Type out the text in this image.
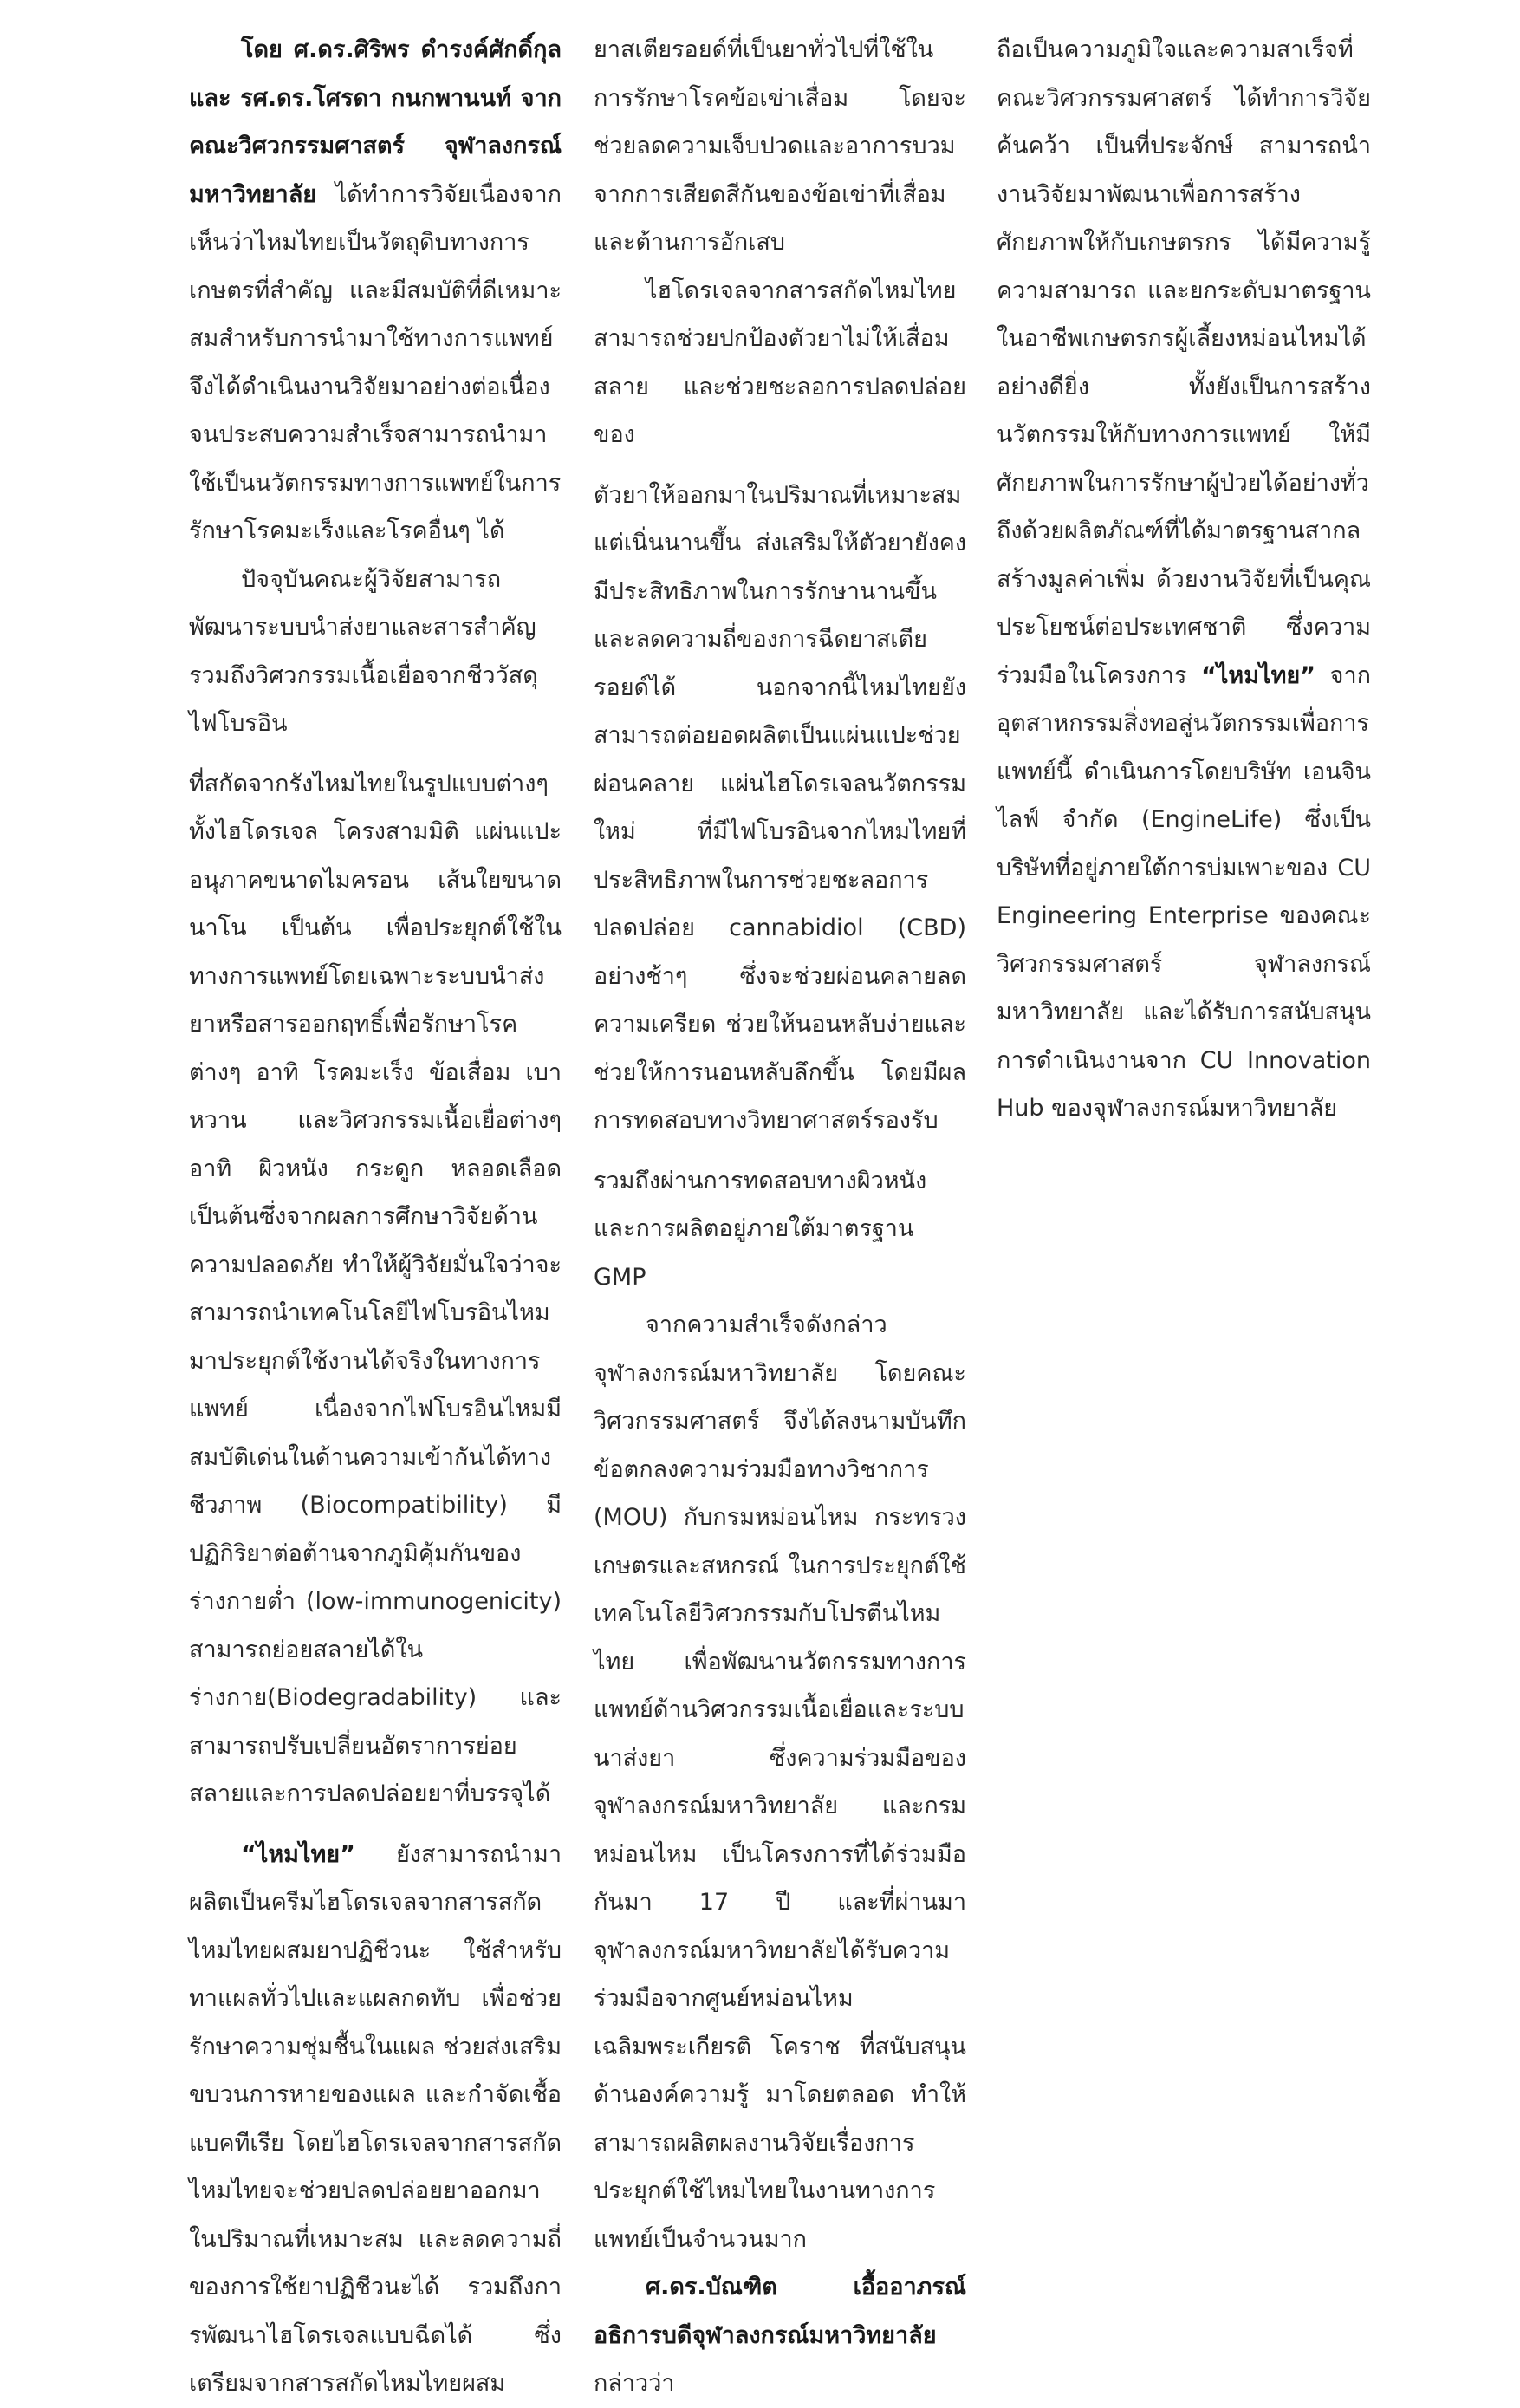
โดย ศ.ดร.ศิริพร ดำรงค์ศักดิ์กุล และ รศ.ดร.โศรดา กนกพานนท์ จาก คณะวิศวกรรมศาสตร์ จุฬาลงกรณ์มหาวิทยาลัย ได้ทำการวิจัยเนื่องจากเห็นว่าไหมไทยเป็นวัตถุดิบทางการเกษตรที่สำคัญ และมีสมบัติที่ดีเหมาะสมสำหรับการนำมาใช้ทางการแพทย์ จึงได้ดำเนินงานวิจัยมาอย่างต่อเนื่องจนประสบความสำเร็จสามารถนำมาใช้เป็นนวัตกรรมทางการแพทย์ในการรักษาโรคมะเร็งและโรคอื่นๆ ได้

ปัจจุบันคณะผู้วิจัยสามารถพัฒนาระบบนำส่งยาและสารสำคัญ รวมถึงวิศวกรรมเนื้อเยื่อจากชีววัสดุไฟโบรอิน

ที่สกัดจากรังไหมไทยในรูปแบบต่างๆ ทั้งไฮโดรเจล โครงสามมิติ แผ่นแปะ อนุภาคขนาดไมครอน เส้นใยขนาดนาโน เป็นต้น เพื่อประยุกต์ใช้ในทางการแพทย์โดยเฉพาะระบบนำส่งยาหรือสารออกฤทธิ์เพื่อรักษาโรคต่างๆ อาทิ โรคมะเร็ง ข้อเสื่อม เบาหวาน และวิศวกรรมเนื้อเยื่อต่างๆ อาทิ ผิวหนัง กระดูก หลอดเลือด เป็นต้นซึ่งจากผลการศึกษาวิจัยด้านความปลอดภัย ทำให้ผู้วิจัยมั่นใจว่าจะสามารถนำเทคโนโลยีไฟโบรอินไหมมาประยุกต์ใช้งานได้จริงในทางการแพทย์ เนื่องจากไฟโบรอินไหมมีสมบัติเด่นในด้านความเข้ากันได้ทางชีวภาพ (Biocompatibility) มีปฏิกิริยาต่อต้านจากภูมิคุ้มกันของร่างกายต่ำ (low-immunogenicity) สามารถย่อยสลายได้ในร่างกาย(Biodegradability) และสามารถปรับเปลี่ยนอัตราการย่อยสลายและการปลดปล่อยยาที่บรรจุได้

“ไหมไทย” ยังสามารถนำมาผลิตเป็นครีมไฮโดรเจลจากสารสกัดไหมไทยผสมยาปฏิชีวนะ ใช้สำหรับทาแผลทั่วไปและแผลกดทับ เพื่อช่วยรักษาความชุ่มชื้นในแผล ช่วยส่งเสริมขบวนการหายของแผล และกำจัดเชื้อแบคทีเรีย โดยไฮโดรเจลจากสารสกัดไหมไทยจะช่วยปลดปล่อยยาออกมาในปริมาณที่เหมาะสม และลดความถี่ของการใช้ยาปฏิชีวนะได้ รวมถึงการพัฒนาไฮโดรเจลแบบฉีดได้ ซึ่งเตรียมจากสารสกัดไหมไทยผสม

ยาสเตียรอยด์ที่เป็นยาทั่วไปที่ใช้ในการรักษาโรคข้อเข่าเสื่อม โดยจะช่วยลดความเจ็บปวดและอาการบวมจากการเสียดสีกันของข้อเข่าที่เสื่อมและต้านการอักเสบ

ไฮโดรเจลจากสารสกัดไหมไทยสามารถช่วยปกป้องตัวยาไม่ให้เสื่อมสลาย และช่วยชะลอการปลดปล่อยของ

ตัวยาให้ออกมาในปริมาณที่เหมาะสมแต่เนิ่นนานขึ้น ส่งเสริมให้ตัวยายังคงมีประสิทธิภาพในการรักษานานขึ้น และลดความถี่ของการฉีดยาสเตียรอยด์ได้ นอกจากนี้ไหมไทยยังสามารถต่อยอดผลิตเป็นแผ่นแปะช่วยผ่อนคลาย แผ่นไฮโดรเจลนวัตกรรมใหม่ ที่มีไฟโบรอินจากไหมไทยที่ประสิทธิภาพในการช่วยชะลอการปลดปล่อย cannabidiol (CBD) อย่างช้าๆ ซึ่งจะช่วยผ่อนคลายลดความเครียด ช่วยให้นอนหลับง่ายและช่วยให้การนอนหลับลึกขึ้น โดยมีผลการทดสอบทางวิทยาศาสตร์รองรับ

รวมถึงผ่านการทดสอบทางผิวหนัง และการผลิตอยู่ภายใต้มาตรฐาน GMP

จากความสำเร็จดังกล่าว จุฬาลงกรณ์มหาวิทยาลัย โดยคณะวิศวกรรมศาสตร์ จึงได้ลงนามบันทึกข้อตกลงความร่วมมือทางวิชาการ (MOU) กับกรมหม่อนไหม กระทรวงเกษตรและสหกรณ์ ในการประยุกต์ใช้เทคโนโลยีวิศวกรรมกับโปรตีนไหมไทย เพื่อพัฒนานวัตกรรมทางการแพทย์ด้านวิศวกรรมเนื้อเยื่อและระบบนาส่งยา ซึ่งความร่วมมือของจุฬาลงกรณ์มหาวิทยาลัย และกรมหม่อนไหม เป็นโครงการที่ได้ร่วมมือกันมา 17 ปี และที่ผ่านมา จุฬาลงกรณ์มหาวิทยาลัยได้รับความร่วมมือจากศูนย์หม่อนไหมเฉลิมพระเกียรติ โคราช ที่สนับสนุนด้านองค์ความรู้ มาโดยตลอด ทำให้สามารถผลิตผลงานวิจัยเรื่องการประยุกต์ใช้ไหมไทยในงานทางการแพทย์เป็นจำนวนมาก

ศ.ดร.บัณฑิต เอื้ออาภรณ์ อธิการบดีจุฬาลงกรณ์มหาวิทยาลัย กล่าวว่า

ถือเป็นความภูมิใจและความสาเร็จที่คณะวิศวกรรมศาสตร์ ได้ทำการวิจัยค้นคว้า เป็นที่ประจักษ์ สามารถนำงานวิจัยมาพัฒนาเพื่อการสร้างศักยภาพให้กับเกษตรกร ได้มีความรู้ ความสามารถ และยกระดับมาตรฐานในอาชีพเกษตรกรผู้เลี้ยงหม่อนไหมได้อย่างดียิ่ง ทั้งยังเป็นการสร้างนวัตกรรมให้กับทางการแพทย์ ให้มีศักยภาพในการรักษาผู้ป่วยได้อย่างทั่วถึงด้วยผลิตภัณฑ์ที่ได้มาตรฐานสากล สร้างมูลค่าเพิ่ม ด้วยงานวิจัยที่เป็นคุณประโยชน์ต่อประเทศชาติ ซึ่งความร่วมมือในโครงการ “ไหมไทย” จากอุตสาหกรรมสิ่งทอสู่นวัตกรรมเพื่อการแพทย์นี้ ดำเนินการโดยบริษัท เอนจินไลฟ์ จำกัด (EngineLife) ซึ่งเป็นบริษัทที่อยู่ภายใต้การบ่มเพาะของ CU Engineering Enterprise ของคณะวิศวกรรมศาสตร์ จุฬาลงกรณ์มหาวิทยาลัย และได้รับการสนับสนุนการดำเนินงานจาก CU Innovation Hub ของจุฬาลงกรณ์มหาวิทยาลัย
